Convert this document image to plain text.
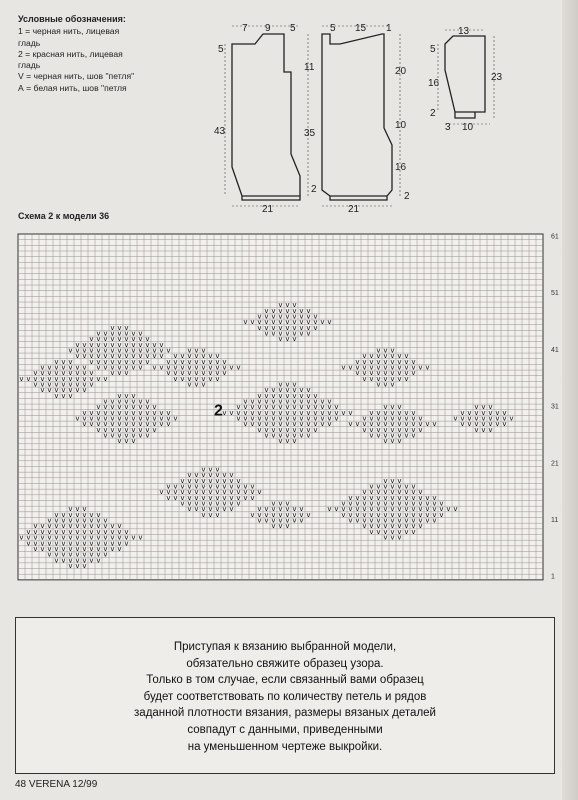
Условные обозначения:
1 = черная нить, лицевая
гладь
2 = красная нить, лицевая
гладь
V = черная нить, шов "петля"
А = белая нить, шов "петля
7 9 5
5
43
11
35
2
21
5 15 1
20
10
16
2
21
13
5
16
23
2
3 10
Схема 2 к модели 36
v v v
v v v v v v v
v v v v v v v v v
v v v v v v v v v v v v v
v v v v v v v v v v v v v v v
v v v v v v v v v v v v v
v v v v v v v v v
v v v v v v v
v v v
v v v
v v v v v v v
v v v v v v v v v
v v v v v v v v v v v v v
v v v v v v v v v
v v v v v v v
v v v
v v v
v v v v v v v
v v v v v v v v v
v v v v v v v v v v v v v
v v v v v v v v v
v v v v v v v
v v v
v v v
v v v v v v v
v v v v v v v v v
v v v v v v v v v v v v v
v v v v v v v v v v v v v v v
v v v v v v v v v v v v v
v v v v v v v v v
v v v v v v v
v v v
v v v
v v v v v v v
v v v v v v v v v
v v v v v v v v v v v v v
v v v v v v v v v
v v v v v v v
v v v
v v v
v v v v v v v
v v v v v v v v v
v v v v v v v v v v v v v
v v v v v v v v v
v v v v v v v
v v v
v v v
v v v v v v v
v v v v v v v v v
v v v v v v v v v v v v v
v v v v v v v v v v v v v v v
v v v v v v v v v v v v v v v v v v v
v v v v v v v v v v v v v v v
v v v v v v v v v v v v v
v v v v v v v v v
v v v v v v v
v v v
v v v
v v v v v v v
v v v v v v v v v
v v v v v v v v v v v v v
v v v v v v v v v
v v v v v v v
v v v
v v v
v v v v v v v
v v v v v v v v v
v v v v v v v
v v v
v v v
v v v v v v v
v v v v v v v v v
v v v v v v v v v v v v v
v v v v v v v v v v v v v v v
v v v v v v v v v v v v v v v v v v
v v v v v v v v v v v v v v v
v v v v v v v v v v v v v
v v v v v v v v v
v v v v v v v
v v v
v v v
v v v v v v v
v v v v v v v v v
v v v v v v v v v v v v v
v v v v v v v v v v v v v v v
v v v v v v v v v v v v v
v v v v v v v v v
v v v v v v v
v v v
v v v
v v v v v v v
v v v v v v v v v
v v v v v v v
v v v
v v v
v v v v v v v
v v v v v v v v v
v v v v v v v v v v v v v
v v v v v v v v v v v v v v v
v v v v v v v v v v v v v v v v v v v
v v v v v v v v v v v v v v v
v v v v v v v v v v v v v
v v v v v v v v v
v v v v v v v
v v v
61
51
41
31
21
11
1
2
Приступая к вязанию выбранной модели,
обязательно свяжите образец узора.
Только в том случае, если связанный вами образец
будет соответствовать по количеству петель и рядов
заданной плотности вязания, размеры вязаных деталей
совпадут с данными, приведенными
на уменьшенном чертеже выкройки.
48 VERENA 12/99
